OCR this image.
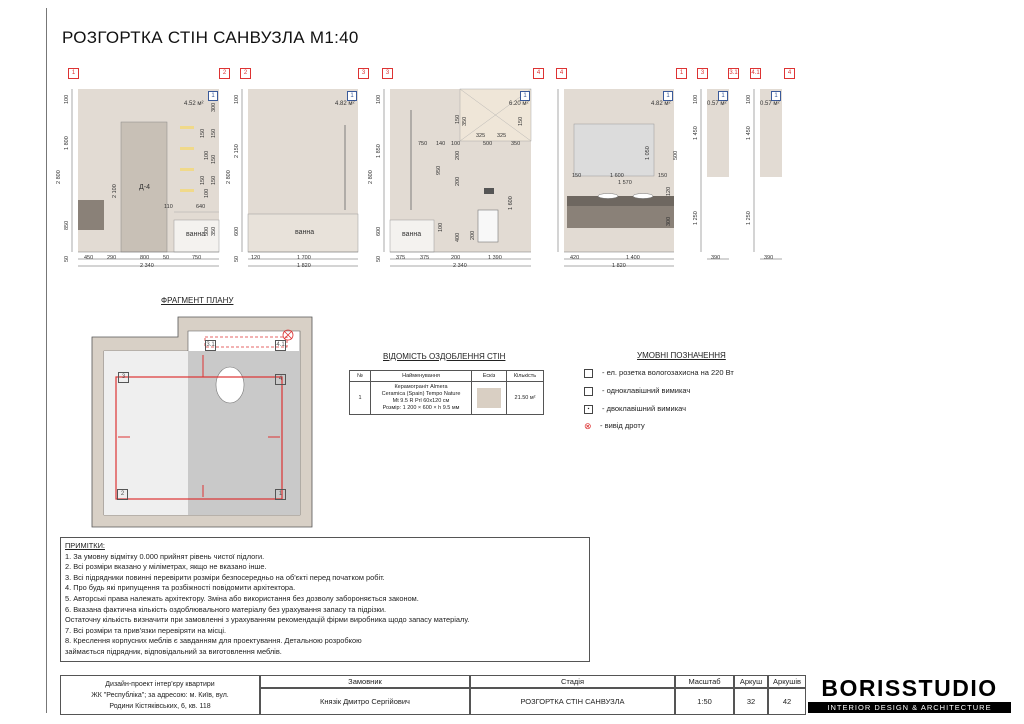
РОЗГОРТКА СТІН САНВУЗЛА М1:40
1	2	2	3	3	4	4	1	3	3.1 4.1	4
1
4.52 м²
1
4.82 м²
1
6.20 м²
1
4.82 м²
1
0.57 м²
1
0.57 м²
Д-4
ванна	ванна	ванна
450	290	800	50	750
2 340
120	1 700
1 820
375	375	200	1 390
2 340
420	1 400
1 820
390	390
100
1 800
850
50
2 800
100
2 150
600
50
2 800
100
1 850
600
50
2 800
100
1 450
1 250
100
1 450
1 250
2 100
110	640
300
150 150
100 150
150 150
100
500 350
750 140 100
325 325
500	350
950
200
200
150
100
400 200
1 600
350	150
1 600
1 570
150	150
1 050
120
300
500
ФРАГМЕНТ ПЛАНУ
3	4
2	1
3.1	4.1
ВІДОМІСТЬ ОЗДОБЛЕННЯ СТІН
№	Найменування	Ескіз	Кількість
1	Керамограніт Almera
Ceramica (Spain) Tempo Nature
Mt 9.5 R Prl 60x120 см
Розмір: 1 200 × 600 × h 9.5 мм		21.50 м²
УМОВНІ ПОЗНАЧЕННЯ
- ел. розетка вологозахисна на 220 Вт
- одноклавішний вимикач
▪ - двоклавішний вимикач
⊗ - вивід дроту
ПРИМІТКИ:
1. За умовну відмітку 0.000 прийнят рівень чистої підлоги.
2. Всі розміри вказано у міліметрах, якщо не вказано інше.
3. Всі підрядники повинні перевірити розміри безпосередньо на об'єкті перед початком робіт.
4. Про будь які припущення та розбіжності повідомити архітектора.
5. Авторські права належать архітектору. Зміна або використання без дозволу забороняється законом.
6. Вказана фактична кількість оздоблювального матеріалу без урахування запасу та підрізки.
Остаточну кількість визначити при замовленні з урахуванням рекомендацій фірми виробника щодо запасу матеріалу.
7. Всі розміри та прив'язки перевіряти на місці.
8. Креслення корпусних меблів є завданням для проектування. Детальною розробкою
займається підрядник, відповідальний за виготовлення меблів.
Дизайн-проект інтер'єру квартири
ЖК "Республіка"; за адресою: м. Київ, вул.
Родини Кістяківських, 6, кв. 118
Замовник
Князік Дмитро Сергійович
Стадія
РОЗГОРТКА СТІН САНВУЗЛА
Масштаб
1:50
Аркуш
32
Аркушів
42
BORISSTUDIO
INTERIOR DESIGN & ARCHITECTURE
